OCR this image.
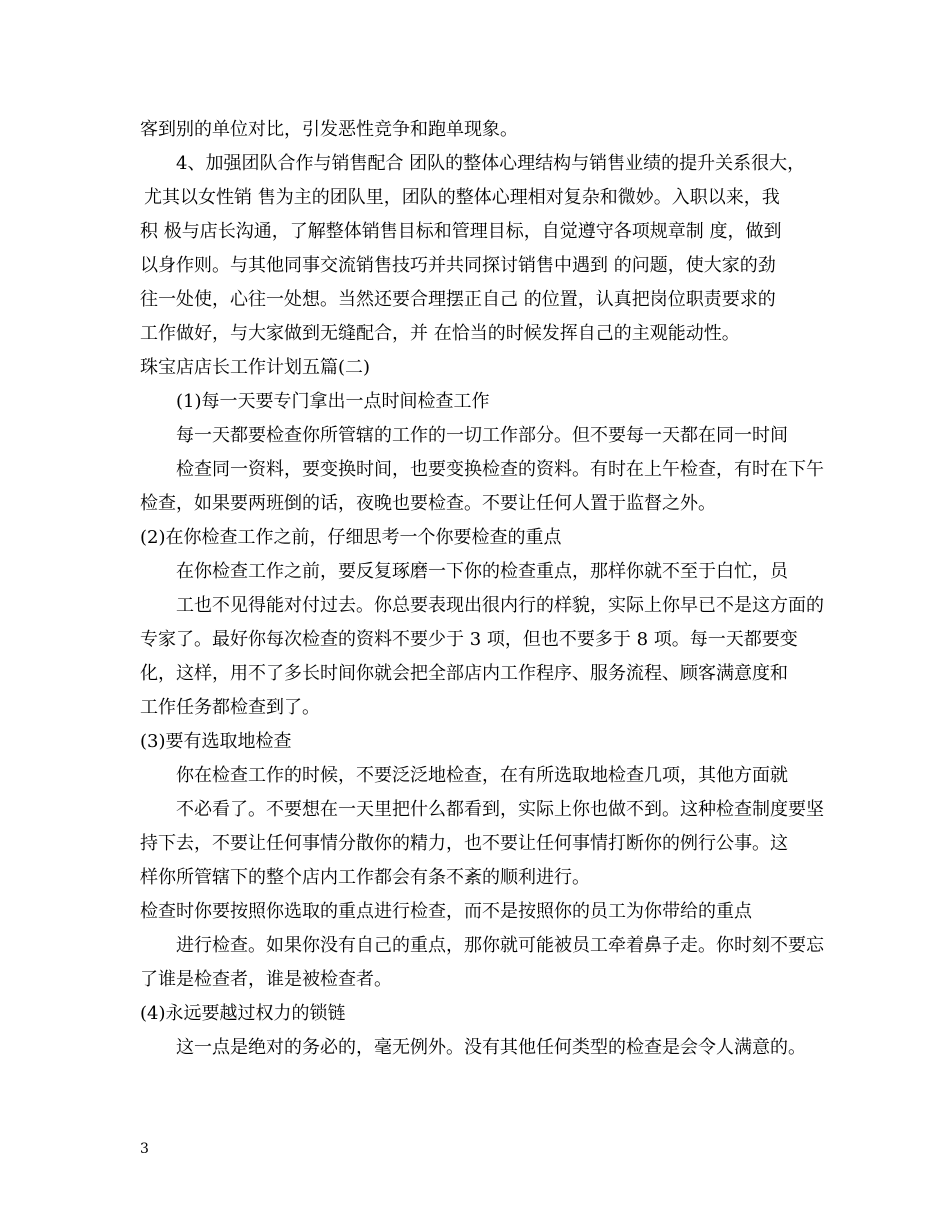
客到别的单位对比，引发恶性竞争和跑单现象。
4、加强团队合作与销售配合 团队的整体心理结构与销售业绩的提升关系很大，
尤其以女性销 售为主的团队里，团队的整体心理相对复杂和微妙。入职以来，我
积 极与店长沟通，了解整体销售目标和管理目标，自觉遵守各项规章制 度，做到
以身作则。与其他同事交流销售技巧并共同探讨销售中遇到 的问题，使大家的劲
往一处使，心往一处想。当然还要合理摆正自己 的位置，认真把岗位职责要求的
工作做好，与大家做到无缝配合，并 在恰当的时候发挥自己的主观能动性。
珠宝店店长工作计划五篇(二)
(1)每一天要专门拿出一点时间检查工作
每一天都要检查你所管辖的工作的一切工作部分。但不要每一天都在同一时间
检查同一资料，要变换时间，也要变换检查的资料。有时在上午检查，有时在下午
检查，如果要两班倒的话，夜晚也要检查。不要让任何人置于监督之外。
(2)在你检查工作之前，仔细思考一个你要检查的重点
在你检查工作之前，要反复琢磨一下你的检查重点，那样你就不至于白忙，员
工也不见得能对付过去。你总要表现出很内行的样貌，实际上你早已不是这方面的
专家了。最好你每次检查的资料不要少于 3 项，但也不要多于 8 项。每一天都要变
化，这样，用不了多长时间你就会把全部店内工作程序、服务流程、顾客满意度和
工作任务都检查到了。
(3)要有选取地检查
你在检查工作的时候，不要泛泛地检查，在有所选取地检查几项，其他方面就
不必看了。不要想在一天里把什么都看到，实际上你也做不到。这种检查制度要坚
持下去，不要让任何事情分散你的精力，也不要让任何事情打断你的例行公事。这
样你所管辖下的整个店内工作都会有条不紊的顺利进行。
检查时你要按照你选取的重点进行检查，而不是按照你的员工为你带给的重点
进行检查。如果你没有自己的重点，那你就可能被员工牵着鼻子走。你时刻不要忘
了谁是检查者，谁是被检查者。
(4)永远要越过权力的锁链
这一点是绝对的务必的，毫无例外。没有其他任何类型的检查是会令人满意的。
3
